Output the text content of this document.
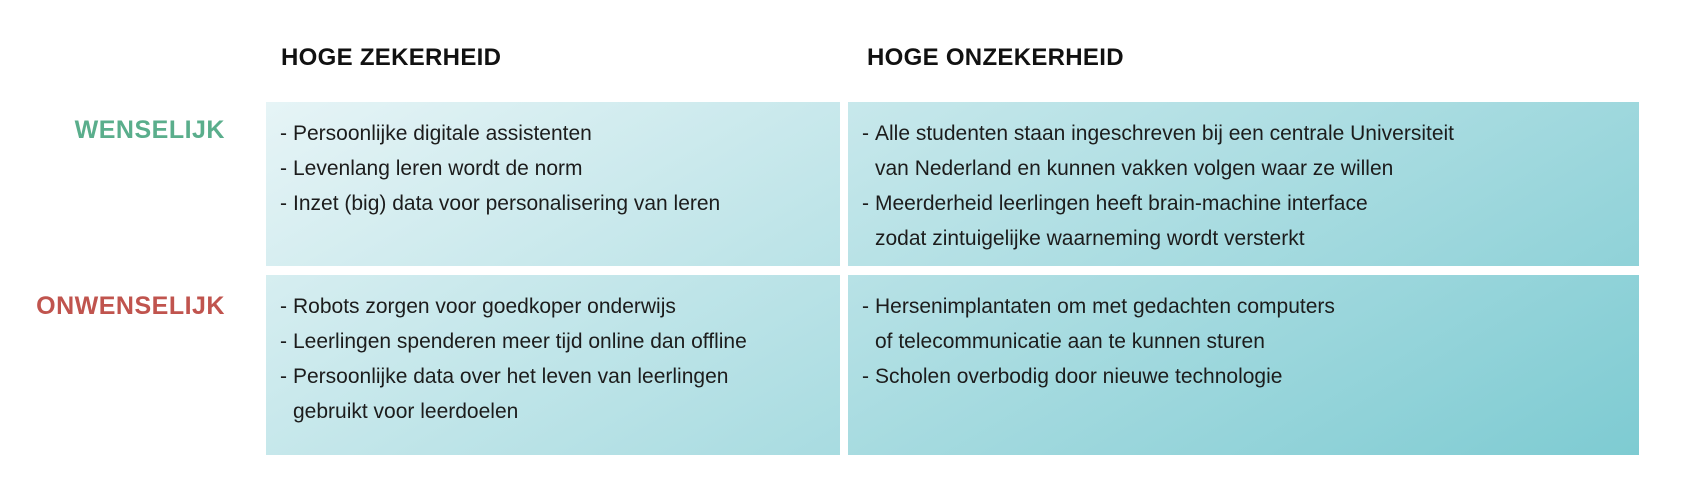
HOGE ZEKERHEID	HOGE ONZEKERHEID
WENSELIJK
ONWENSELIJK
- Persoonlijke digitale assistenten
- Levenlang leren wordt de norm
- Inzet (big) data voor personalisering van leren
- Alle studenten staan ingeschreven bij een centrale Universiteit
van Nederland en kunnen vakken volgen waar ze willen
- Meerderheid leerlingen heeft brain-machine interface
zodat zintuigelijke waarneming wordt versterkt
- Robots zorgen voor goedkoper onderwijs
- Leerlingen spenderen meer tijd online dan offline
- Persoonlijke data over het leven van leerlingen
gebruikt voor leerdoelen
- Hersenimplantaten om met gedachten computers
of telecommunicatie aan te kunnen sturen
- Scholen overbodig door nieuwe technologie
